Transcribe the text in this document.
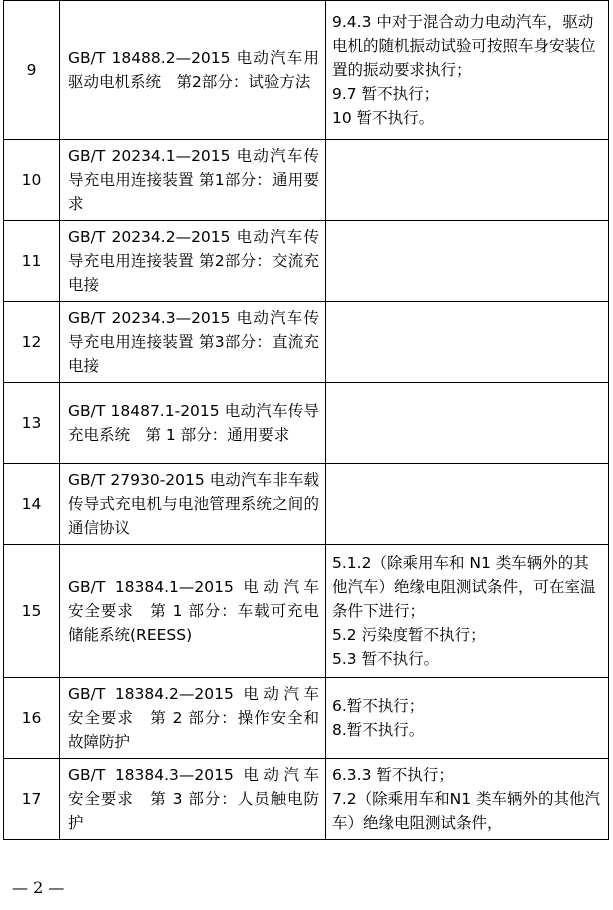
9	GB/T 18488.2—2015 电动汽车用驱动电机系统　第2部分：试验方法	9.4.3 中对于混合动力电动汽车，驱动电机的随机振动试验可按照车身安装位置的振动要求执行；
9.7 暂不执行；
10 暂不执行。

10	GB/T 20234.1—2015 电动汽车传导充电用连接装置 第1部分：通用要求	
11	GB/T 20234.2—2015 电动汽车传导充电用连接装置 第2部分：交流充电接	
12	GB/T 20234.3—2015 电动汽车传导充电用连接装置 第3部分：直流充电接	
13	GB/T 18487.1-2015 电动汽车传导充电系统　第 1 部分：通用要求	
14	GB/T 27930-2015 电动汽车非车载传导式充电机与电池管理系统之间的通信协议	
15	GB/T 18384.1—2015 电动汽车　安全要求　第 1 部分：车载可充电储能系统(REESS)	5.1.2（除乘用车和 N1 类车辆外的其他汽车）绝缘电阻测试条件，可在室温条件下进行；
5.2 污染度暂不执行；
5.3 暂不执行。

16	GB/T 18384.2—2015 电动汽车　安全要求　第 2 部分：操作安全和故障防护	6.暂不执行；
8.暂不执行。

17	GB/T 18384.3—2015 电动汽车　安全要求　第 3 部分：人员触电防护	6.3.3 暂不执行；
7.2（除乘用车和N1 类车辆外的其他汽车）绝缘电阻测试条件，
— 2 —
